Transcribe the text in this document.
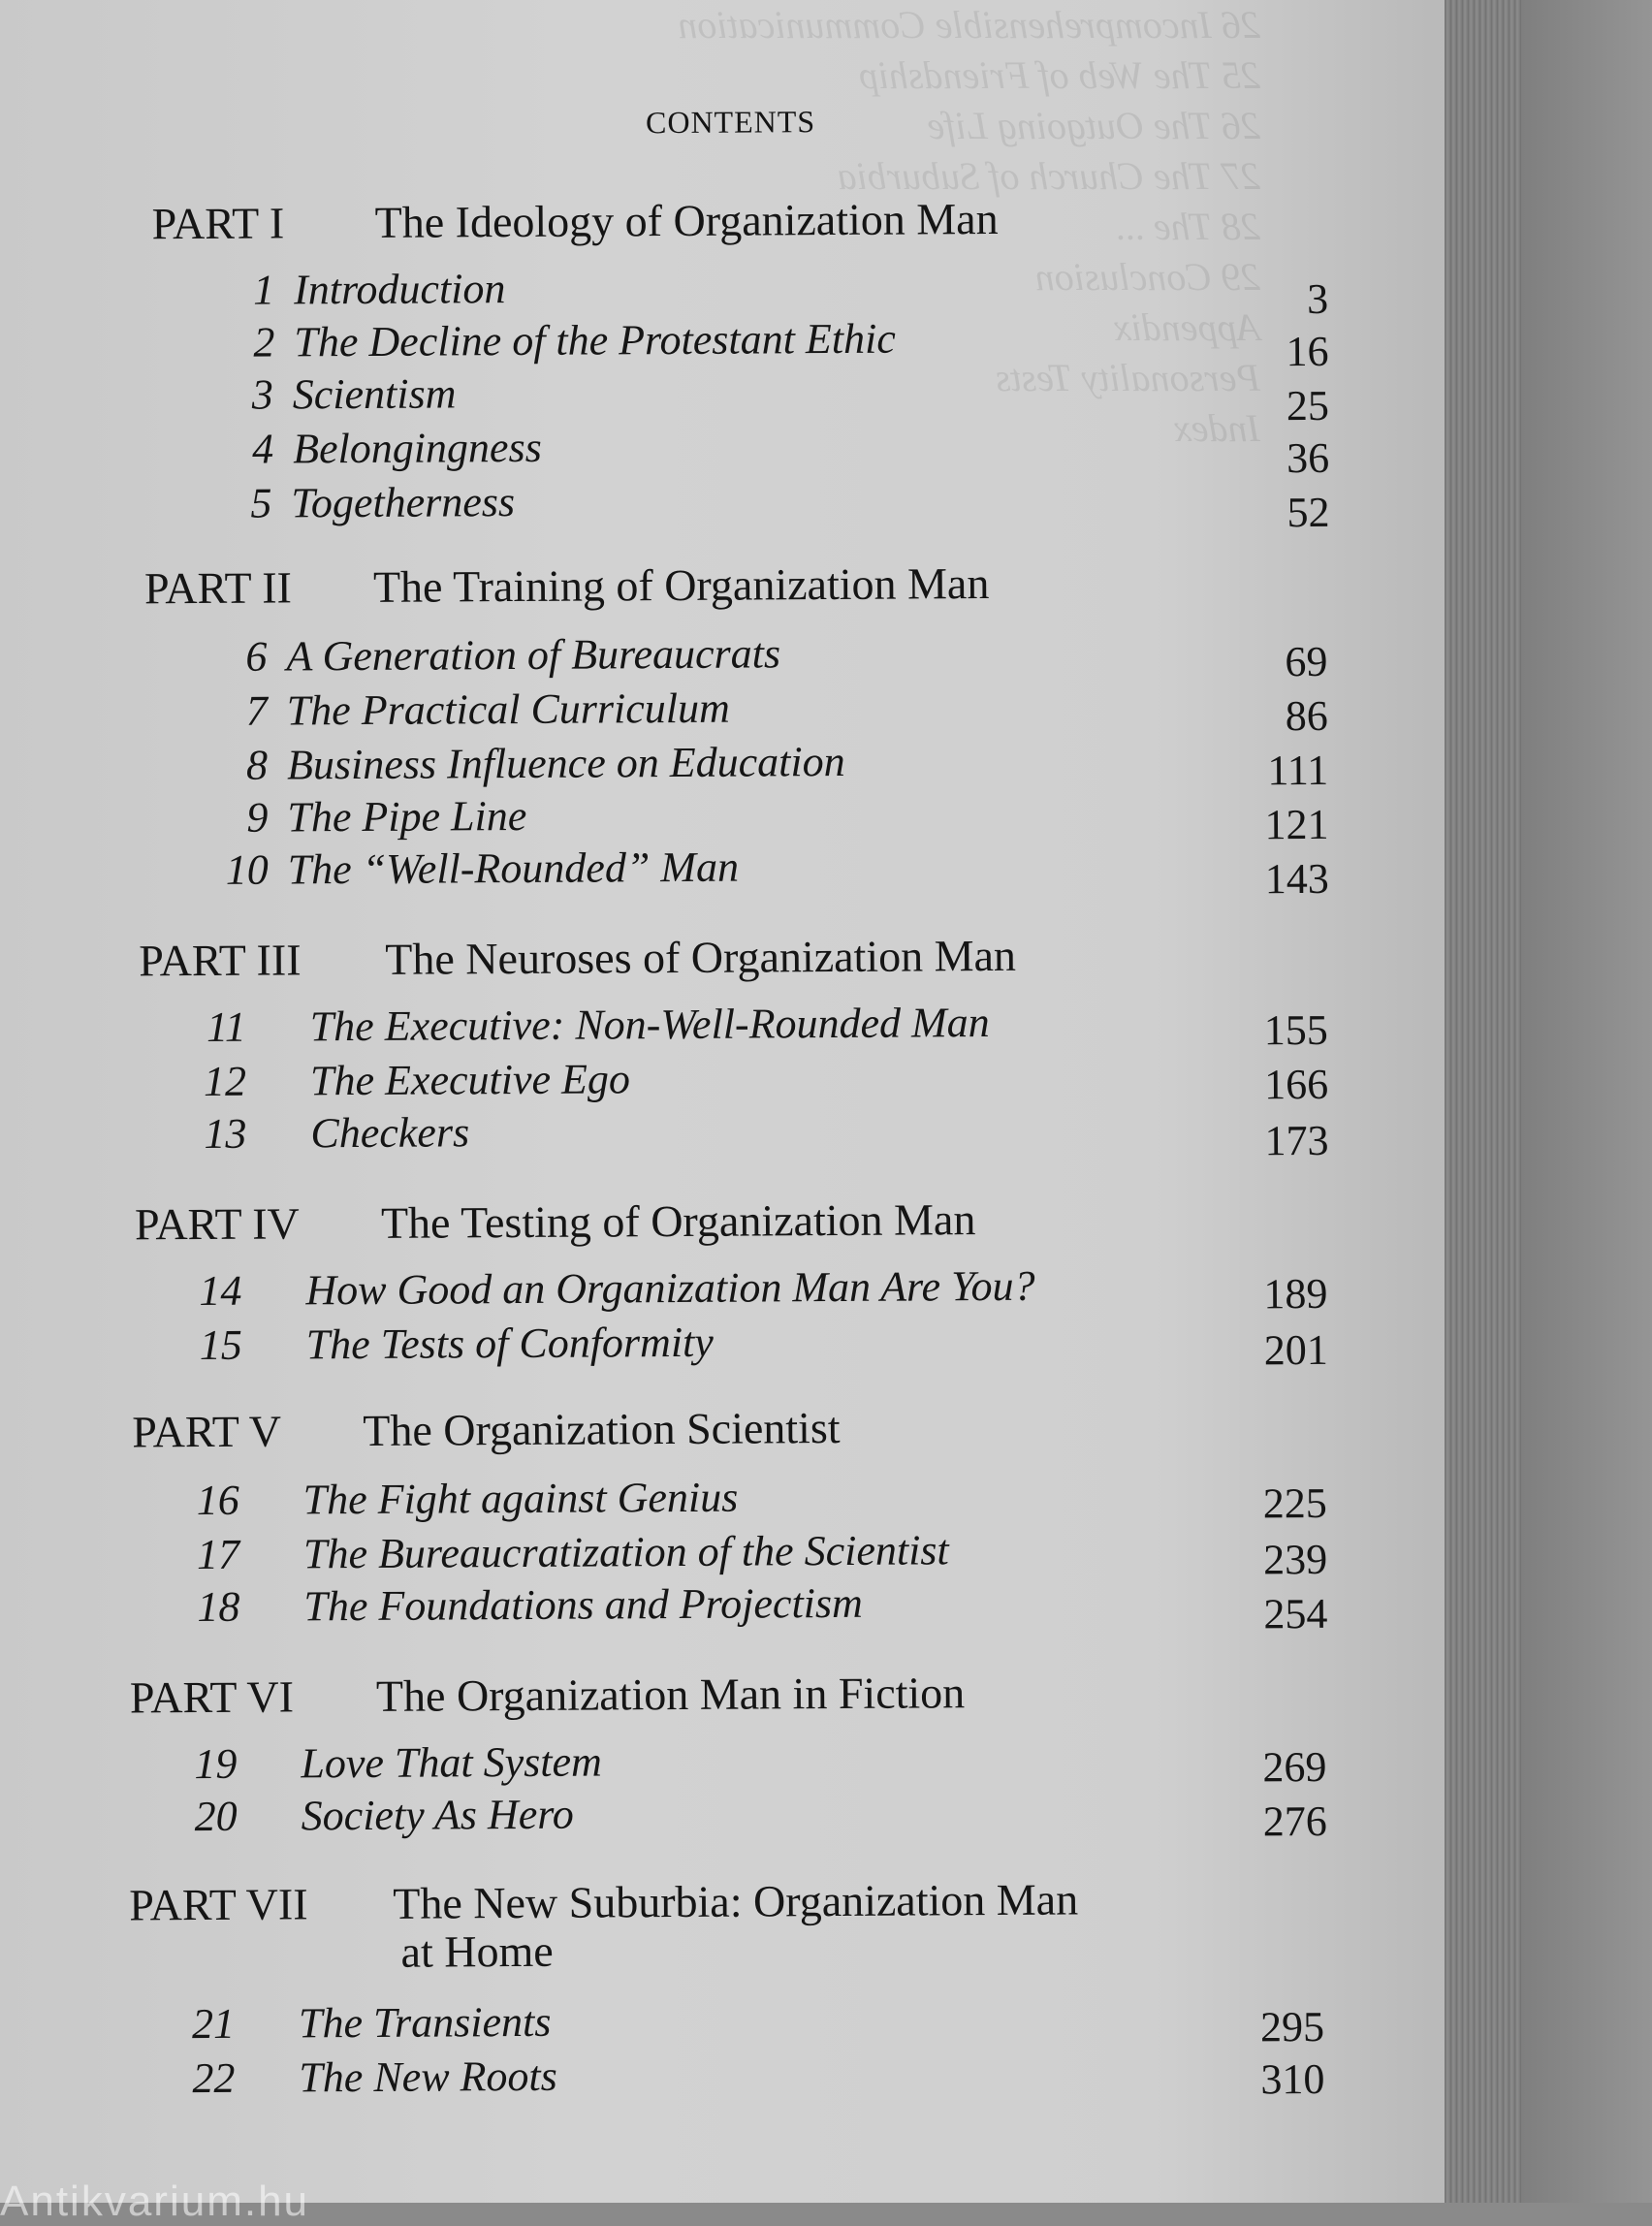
26 Incomprehensible Communication
25 The Web of Friendship
26 The Outgoing Life
27 The Church of Suburbia
28 The ...
29 Conclusion
Appendix
Personality Tests
Index
CONTENTS
PART I The Ideology of Organization Man
1 Introduction	3
2 The Decline of the Protestant Ethic	16
3 Scientism	25
4 Belongingness	36
5 Togetherness	52
PART II The Training of Organization Man
6 A Generation of Bureaucrats	69
7 The Practical Curriculum	86
8 Business Influence on Education	111
9 The Pipe Line	121
10 The “Well-Rounded” Man	143
PART III The Neuroses of Organization Man
11 The Executive: Non-Well-Rounded Man	155
12 The Executive Ego	166
13 Checkers	173
PART IV The Testing of Organization Man
14 How Good an Organization Man Are You?	189
15 The Tests of Conformity	201
PART V The Organization Scientist
16 The Fight against Genius	225
17 The Bureaucratization of the Scientist	239
18 The Foundations and Projectism	254
PART VI The Organization Man in Fiction
19 Love That System	269
20 Society As Hero	276
PART VII The New Suburbia: Organization Man
at Home
21 The Transients	295
22 The New Roots	310
Antikvarium.hu
